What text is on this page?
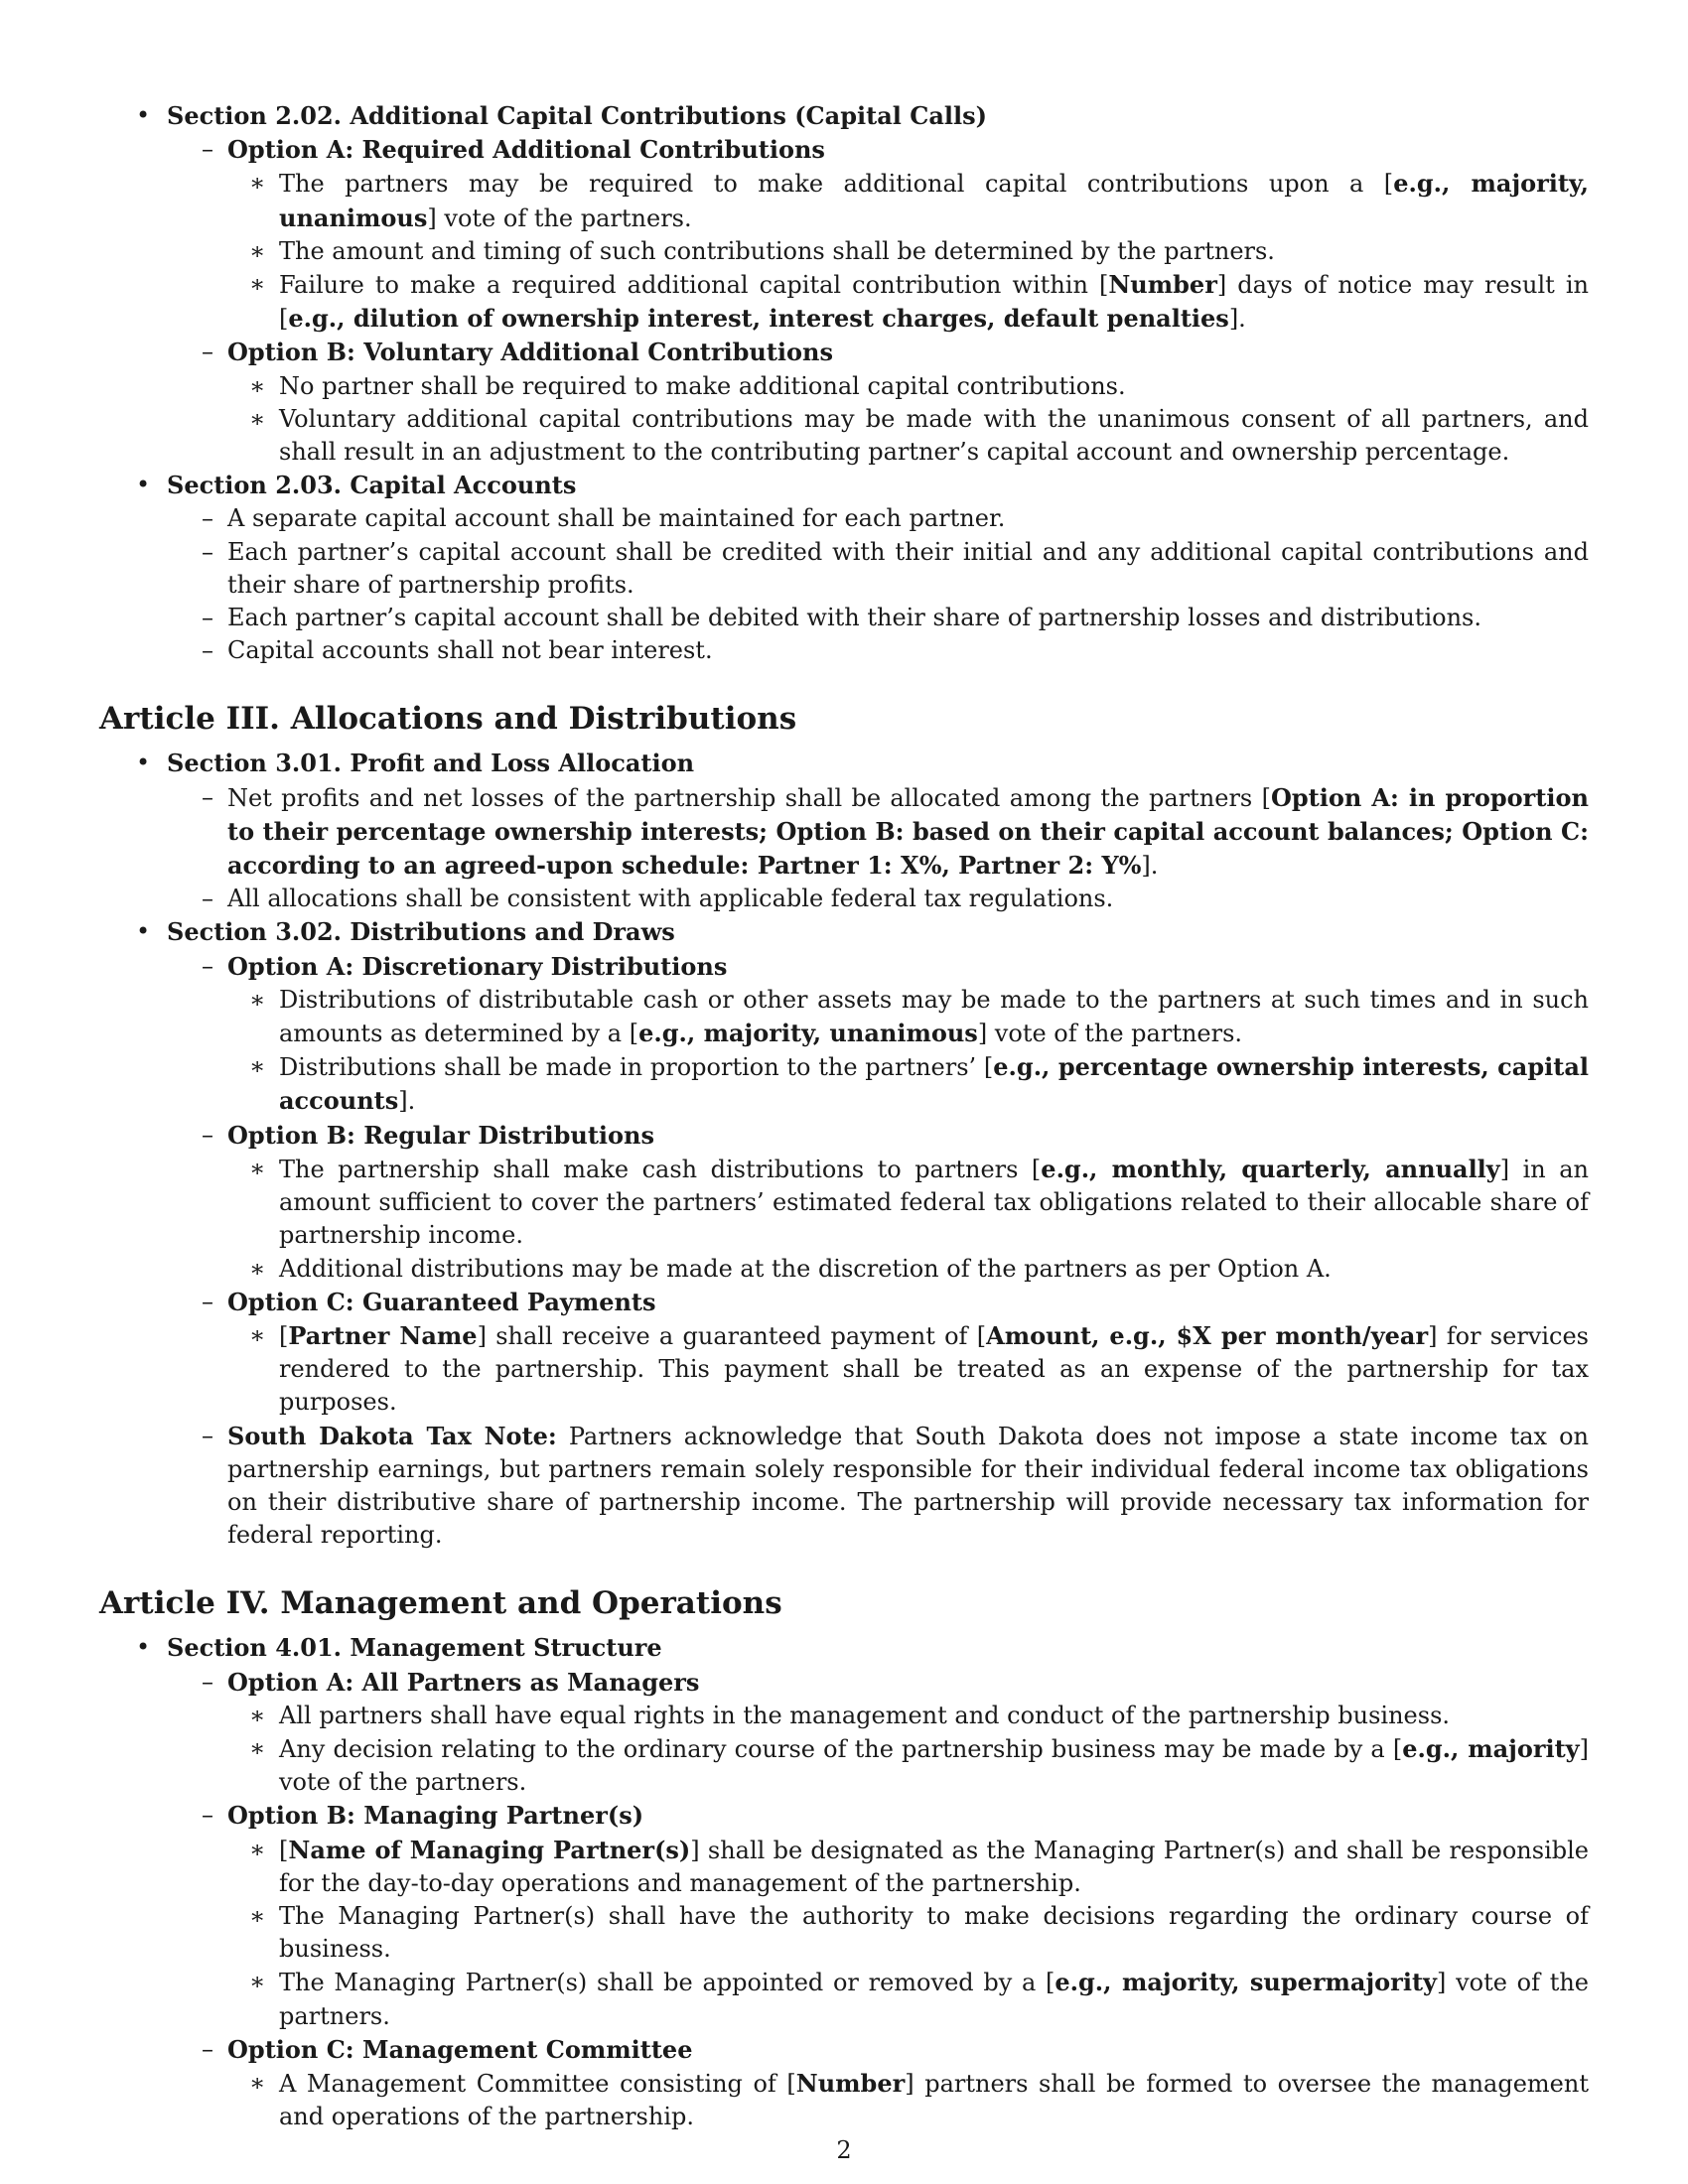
• Section 2.02. Additional Capital Contributions (Capital Calls)
– Option A: Required Additional Contributions
∗ The partners may be required to make additional capital contributions upon a [e.g., majority, unanimous] vote of the partners.
∗ The amount and timing of such contributions shall be determined by the partners.
∗ Failure to make a required additional capital contribution within [Number] days of notice may result in [e.g., dilution of ownership interest, interest charges, default penalties].
– Option B: Voluntary Additional Contributions
∗ No partner shall be required to make additional capital contributions.
∗ Voluntary additional capital contributions may be made with the unanimous consent of all partners, and shall result in an adjustment to the contributing partner’s capital account and ownership percentage.
• Section 2.03. Capital Accounts
– A separate capital account shall be maintained for each partner.
– Each partner’s capital account shall be credited with their initial and any additional capital contributions and their share of partnership profits.
– Each partner’s capital account shall be debited with their share of partnership losses and distributions.
– Capital accounts shall not bear interest.
Article III. Allocations and Distributions
• Section 3.01. Profit and Loss Allocation
– Net profits and net losses of the partnership shall be allocated among the partners [Option A: in proportion to their percentage ownership interests; Option B: based on their capital account balances; Option C: according to an agreed-upon schedule: Partner 1: X%, Partner 2: Y%].
– All allocations shall be consistent with applicable federal tax regulations.
• Section 3.02. Distributions and Draws
– Option A: Discretionary Distributions
∗ Distributions of distributable cash or other assets may be made to the partners at such times and in such amounts as determined by a [e.g., majority, unanimous] vote of the partners.
∗ Distributions shall be made in proportion to the partners’ [e.g., percentage ownership interests, capital accounts].
– Option B: Regular Distributions
∗ The partnership shall make cash distributions to partners [e.g., monthly, quarterly, annually] in an amount sufficient to cover the partners’ estimated federal tax obligations related to their allocable share of partnership income.
∗ Additional distributions may be made at the discretion of the partners as per Option A.
– Option C: Guaranteed Payments
∗ [Partner Name] shall receive a guaranteed payment of [Amount, e.g., $X per month/year] for services rendered to the partnership. This payment shall be treated as an expense of the partnership for tax purposes.
– South Dakota Tax Note: Partners acknowledge that South Dakota does not impose a state income tax on partnership earnings, but partners remain solely responsible for their individual federal income tax obligations on their distributive share of partnership income. The partnership will provide necessary tax information for federal reporting.
Article IV. Management and Operations
• Section 4.01. Management Structure
– Option A: All Partners as Managers
∗ All partners shall have equal rights in the management and conduct of the partnership business.
∗ Any decision relating to the ordinary course of the partnership business may be made by a [e.g., majority] vote of the partners.
– Option B: Managing Partner(s)
∗ [Name of Managing Partner(s)] shall be designated as the Managing Partner(s) and shall be responsible for the day-to-day operations and management of the partnership.
∗ The Managing Partner(s) shall have the authority to make decisions regarding the ordinary course of business.
∗ The Managing Partner(s) shall be appointed or removed by a [e.g., majority, supermajority] vote of the partners.
– Option C: Management Committee
∗ A Management Committee consisting of [Number] partners shall be formed to oversee the management and operations of the partnership.
2
